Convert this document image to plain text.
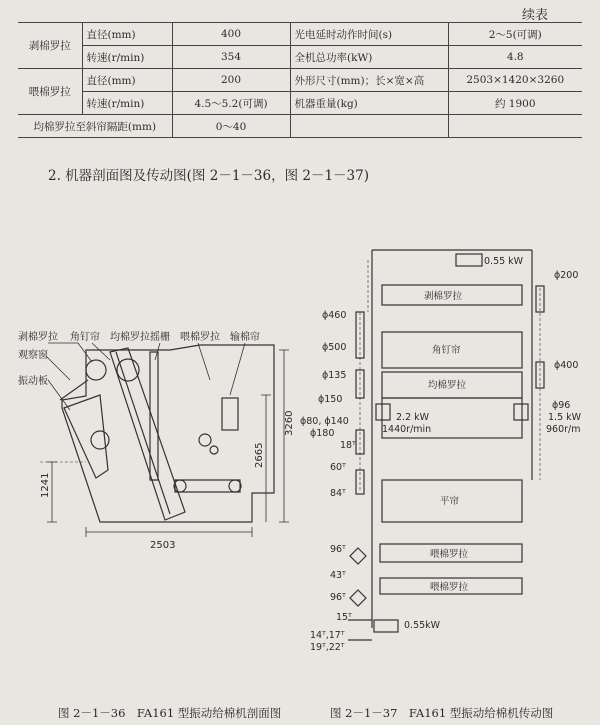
续表
剥棉罗拉	直径(mm)	400	光电延时动作时间(s)	2～5(可调)
	转速(r/min)	354	全机总功率(kW)	4.8
喂棉罗拉	直径(mm)	200	外形尺寸(mm)；长×宽×高	2503×1420×3260
	转速(r/min)	4.5～5.2(可调)	机器重量(kg)	约 1900
均棉罗拉至斜帘隔距(mm)		0～40		
2. 机器剖面图及传动图(图 2－1－36，图 2－1－37)
剥棉罗拉 角钉帘 均棉罗拉 摇栅 喂棉罗拉 输棉帘
观察窗
振动板
2503
3260
2665
1241
0.55 kW
0.55kW
2.2 kW
1440r/min
1.5 kW
960r/m
剥棉罗拉
角钉帘
均棉罗拉
平帘
喂棉罗拉
喂棉罗拉
ϕ460
ϕ500
ϕ135
ϕ150
ϕ80, ϕ140
ϕ180
18ᵀ
60ᵀ
84ᵀ
96ᵀ
43ᵀ
96ᵀ
15ᵀ
14ᵀ,17ᵀ
19ᵀ,22ᵀ
ϕ200
ϕ400
ϕ96
图 2－1－36　FA161 型振动给棉机剖面图	图 2－1－37　FA161 型振动给棉机传动图
